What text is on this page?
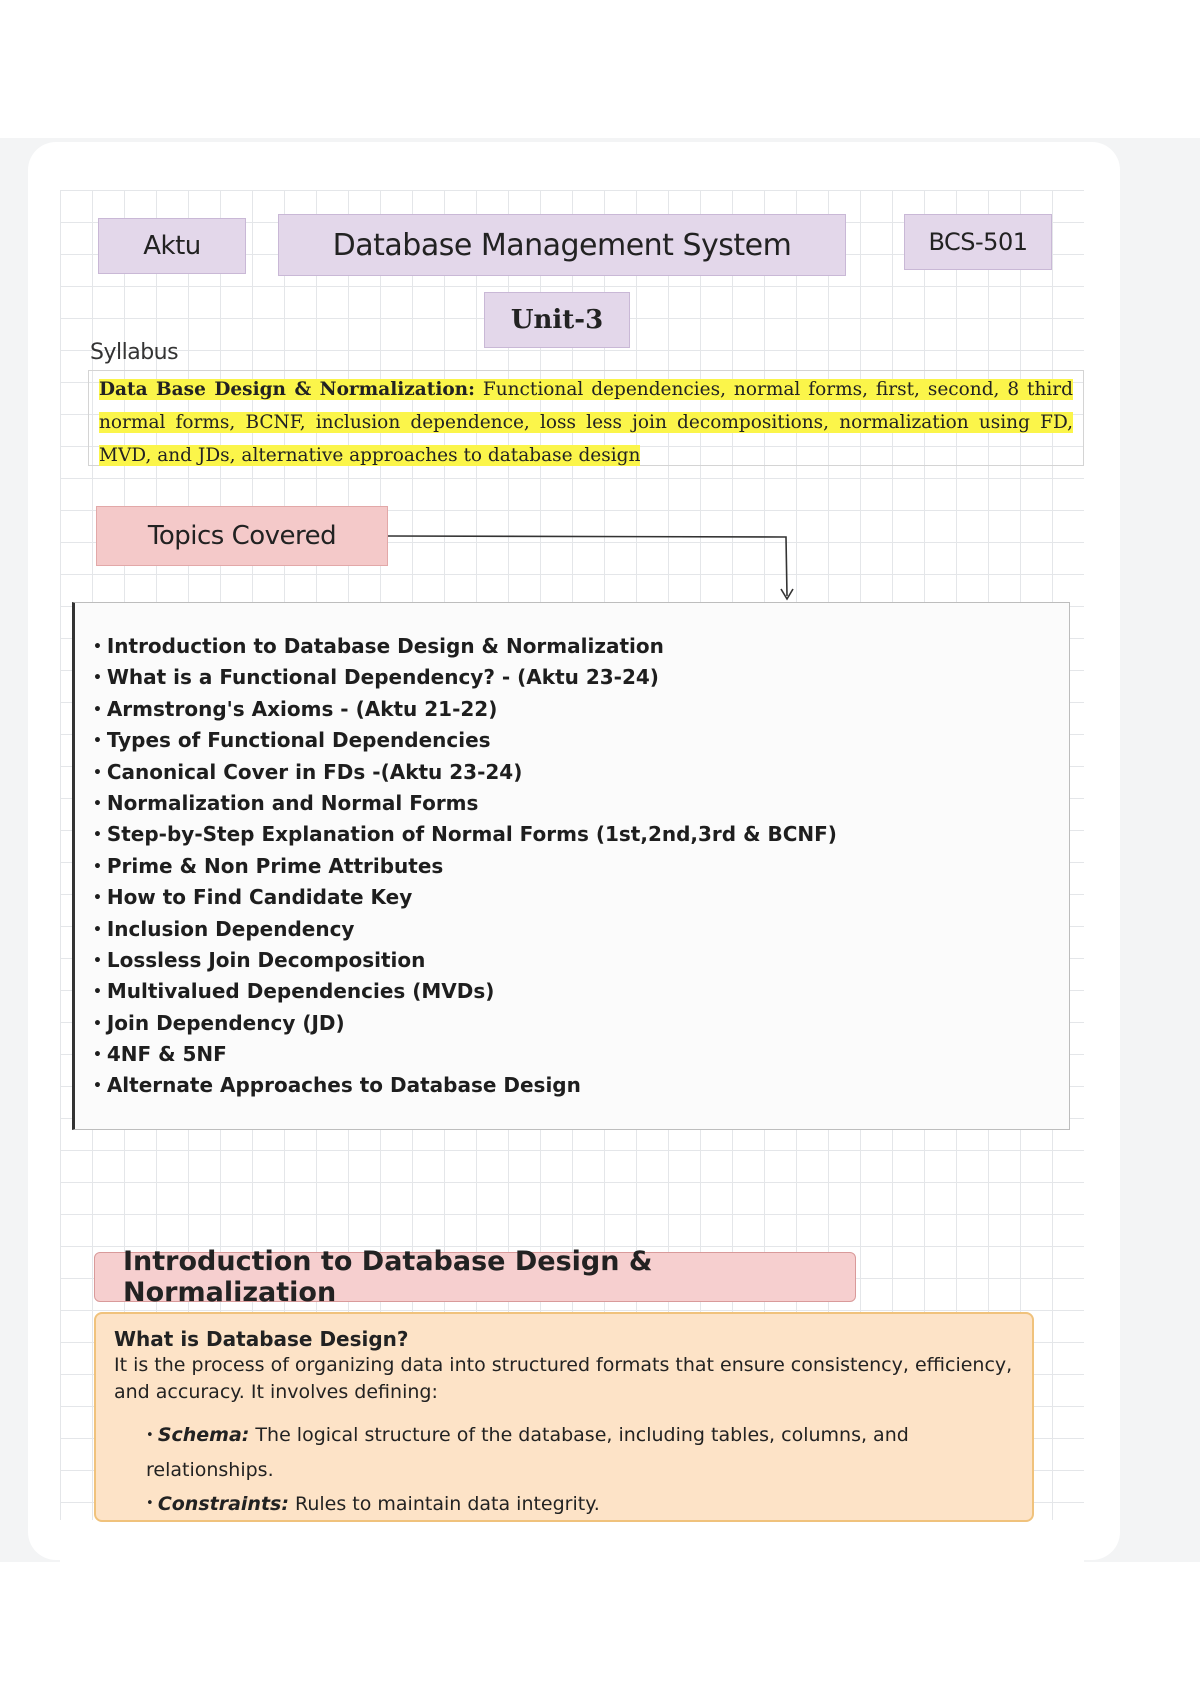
Aktu	Database Management System	BCS-501
Unit-3
Syllabus
Data Base Design & Normalization: Functional dependencies, normal forms, first, second, 8 third normal forms, BCNF, inclusion dependence, loss less join decompositions, normalization using FD, MVD, and JDs, alternative approaches to database design
Topics Covered
• Introduction to Database Design & Normalization
• What is a Functional Dependency? - (Aktu 23-24)
• Armstrong's Axioms - (Aktu 21-22)
• Types of Functional Dependencies
• Canonical Cover in FDs -(Aktu 23-24)
• Normalization and Normal Forms
• Step-by-Step Explanation of Normal Forms (1st,2nd,3rd & BCNF)
• Prime & Non Prime Attributes
• How to Find Candidate Key
• Inclusion Dependency
• Lossless Join Decomposition
• Multivalued Dependencies (MVDs)
• Join Dependency (JD)
• 4NF & 5NF
• Alternate Approaches to Database Design
Introduction to Database Design & Normalization
What is Database Design?

It is the process of organizing data into structured formats that ensure consistency, efficiency, and accuracy. It involves defining:

• Schema: The logical structure of the database, including tables, columns, and relationships.
• Constraints: Rules to maintain data integrity.
